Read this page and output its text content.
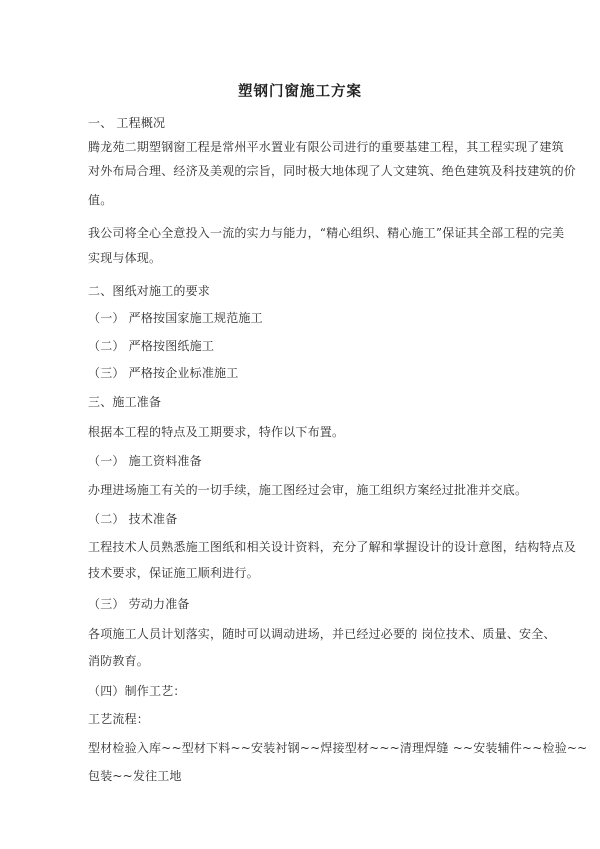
塑钢门窗施工方案
一、 工程概况
腾龙苑二期塑钢窗工程是常州平水置业有限公司进行的重要基建工程，其工程实现了建筑
对外布局合理、经济及美观的宗旨，同时极大地体现了人文建筑、绝色建筑及科技建筑的价
值。
我公司将全心全意投入一流的实力与能力，“精心组织、精心施工”保证其全部工程的完美
实现与体现。
二、图纸对施工的要求
（一） 严格按国家施工规范施工
（二） 严格按图纸施工
（三） 严格按企业标准施工
三、施工准备
根据本工程的特点及工期要求，特作以下布置。
（一） 施工资料准备
办理进场施工有关的一切手续，施工图经过会审，施工组织方案经过批准并交底。
（二） 技术准备
工程技术人员熟悉施工图纸和相关设计资料，充分了解和掌握设计的设计意图，结构特点及
技术要求，保证施工顺利进行。
（三） 劳动力准备
各项施工人员计划落实，随时可以调动进场，并已经过必要的 岗位技术、质量、安全、
消防教育。
（四）制作工艺：
工艺流程：
型材检验入库~~型材下料~~安装衬钢~~焊接型材~~~清理焊缝 ~~安装辅件~~检验~~
包装~~发往工地
